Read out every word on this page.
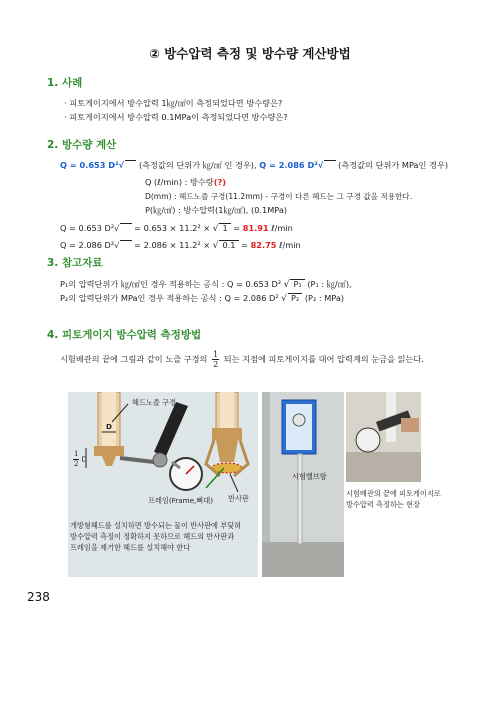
② 방수압력 측정 및 방수량 계산방법
1. 사례
· 피토게이지에서 방수압력 1㎏/㎠이 측정되었다면 방수량은?
· 피토게이지에서 방수압력 0.1MPa이 측정되었다면 방수량은?
2. 방수량 계산
Q = 0.653 D²√   (측정값의 단위가 ㎏/㎠ 인 경우), Q = 2.086 D²√   (측정값의 단위가 MPa인 경우)
Q (ℓ/min) : 방수량(?)
D(mm) : 헤드노즐 구경(11.2mm) - 구경이 다른 헤드는 그 구경 값을 적용한다.
P(㎏/㎠) : 방수압력(1㎏/㎠), (0.1MPa)
Q = 0.653 D²√   = 0.653 × 11.2² × √ 1 = 81.91 ℓ/min
Q = 2.086 D²√   = 2.086 × 11.2² × √ 0.1 = 82.75 ℓ/min
3. 참고자료
P₁의 압력단위가 ㎏/㎠인 경우 적용하는 공식 : Q = 0.653 D² √ P₁ (P₁ : ㎏/㎠),
P₂의 압력단위가 MPa인 경우 적용하는 공식 : Q = 2.086 D² √ P₂ (P₂ : MPa)
4. 피토게이지 방수압력 측정방법
시험배관의 끝에 그림과 같이 노즐 구경의 $\frac{1}{2}$ 되는 지점에 피토게이지를 대어 압력계의 눈금을 읽는다.
헤드노즐 구경
D
$\frac{1}{2}$ D
프레임(Frame,뼈대) 반사판
개방형헤드를 설치하면 방수되는 물이 반사판에 부딪혀
방수압력 측정이 정확하지 못하므로 헤드의 반사판과
프레임을 제거한 헤드를 설치해야 한다
시험밸브함
시험배관의 끝에 피토게이지로
방수압력 측정하는 현장
238
